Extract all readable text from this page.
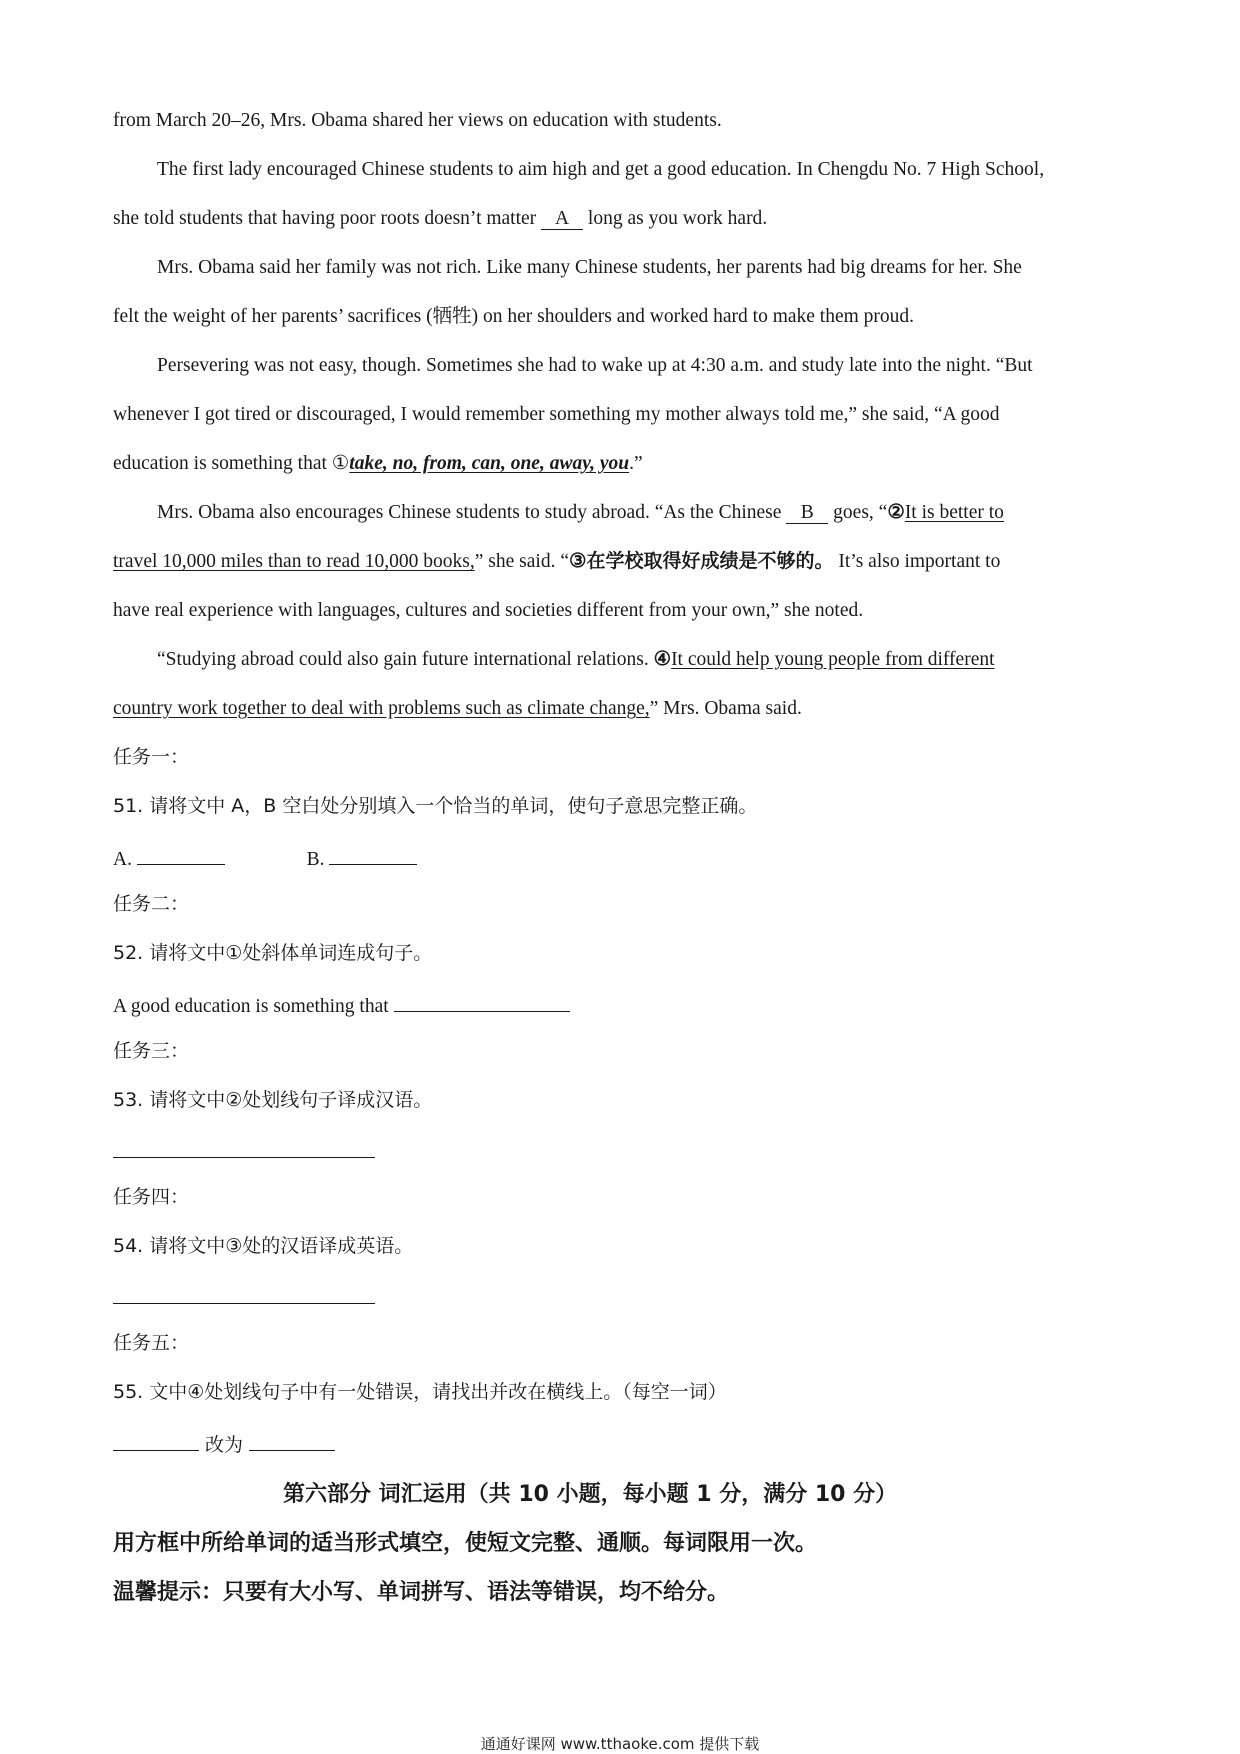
from March 20–26, Mrs. Obama shared her views on education with students.
The first lady encouraged Chinese students to aim high and get a good education. In Chengdu No. 7 High School,
she told students that having poor roots doesn’t matter A long as you work hard.
Mrs. Obama said her family was not rich. Like many Chinese students, her parents had big dreams for her. She
felt the weight of her parents’ sacrifices (牺牲) on her shoulders and worked hard to make them proud.
Persevering was not easy, though. Sometimes she had to wake up at 4:30 a.m. and study late into the night. “But
whenever I got tired or discouraged, I would remember something my mother always told me,” she said, “A good
education is something that ①take, no, from, can, one, away, you.”
Mrs. Obama also encourages Chinese students to study abroad. “As the Chinese B goes, “②It is better to
travel 10,000 miles than to read 10,000 books,” she said. “③在学校取得好成绩是不够的。 It’s also important to
have real experience with languages, cultures and societies different from your own,” she noted.
“Studying abroad could also gain future international relations. ④It could help young people from different
country work together to deal with problems such as climate change,” Mrs. Obama said.
任务一：
51. 请将文中 A，B 空白处分别填入一个恰当的单词，使句子意思完整正确。
A.	B.
任务二：
52. 请将文中①处斜体单词连成句子。
A good education is something that
任务三：
53. 请将文中②处划线句子译成汉语。
任务四：
54. 请将文中③处的汉语译成英语。
任务五：
55. 文中④处划线句子中有一处错误，请找出并改在横线上。（每空一词）
改为
第六部分 词汇运用（共 10 小题，每小题 1 分，满分 10 分）
用方框中所给单词的适当形式填空，使短文完整、通顺。每词限用一次。
温馨提示：只要有大小写、单词拼写、语法等错误，均不给分。
通通好课网 www.tthaoke.com 提供下载
